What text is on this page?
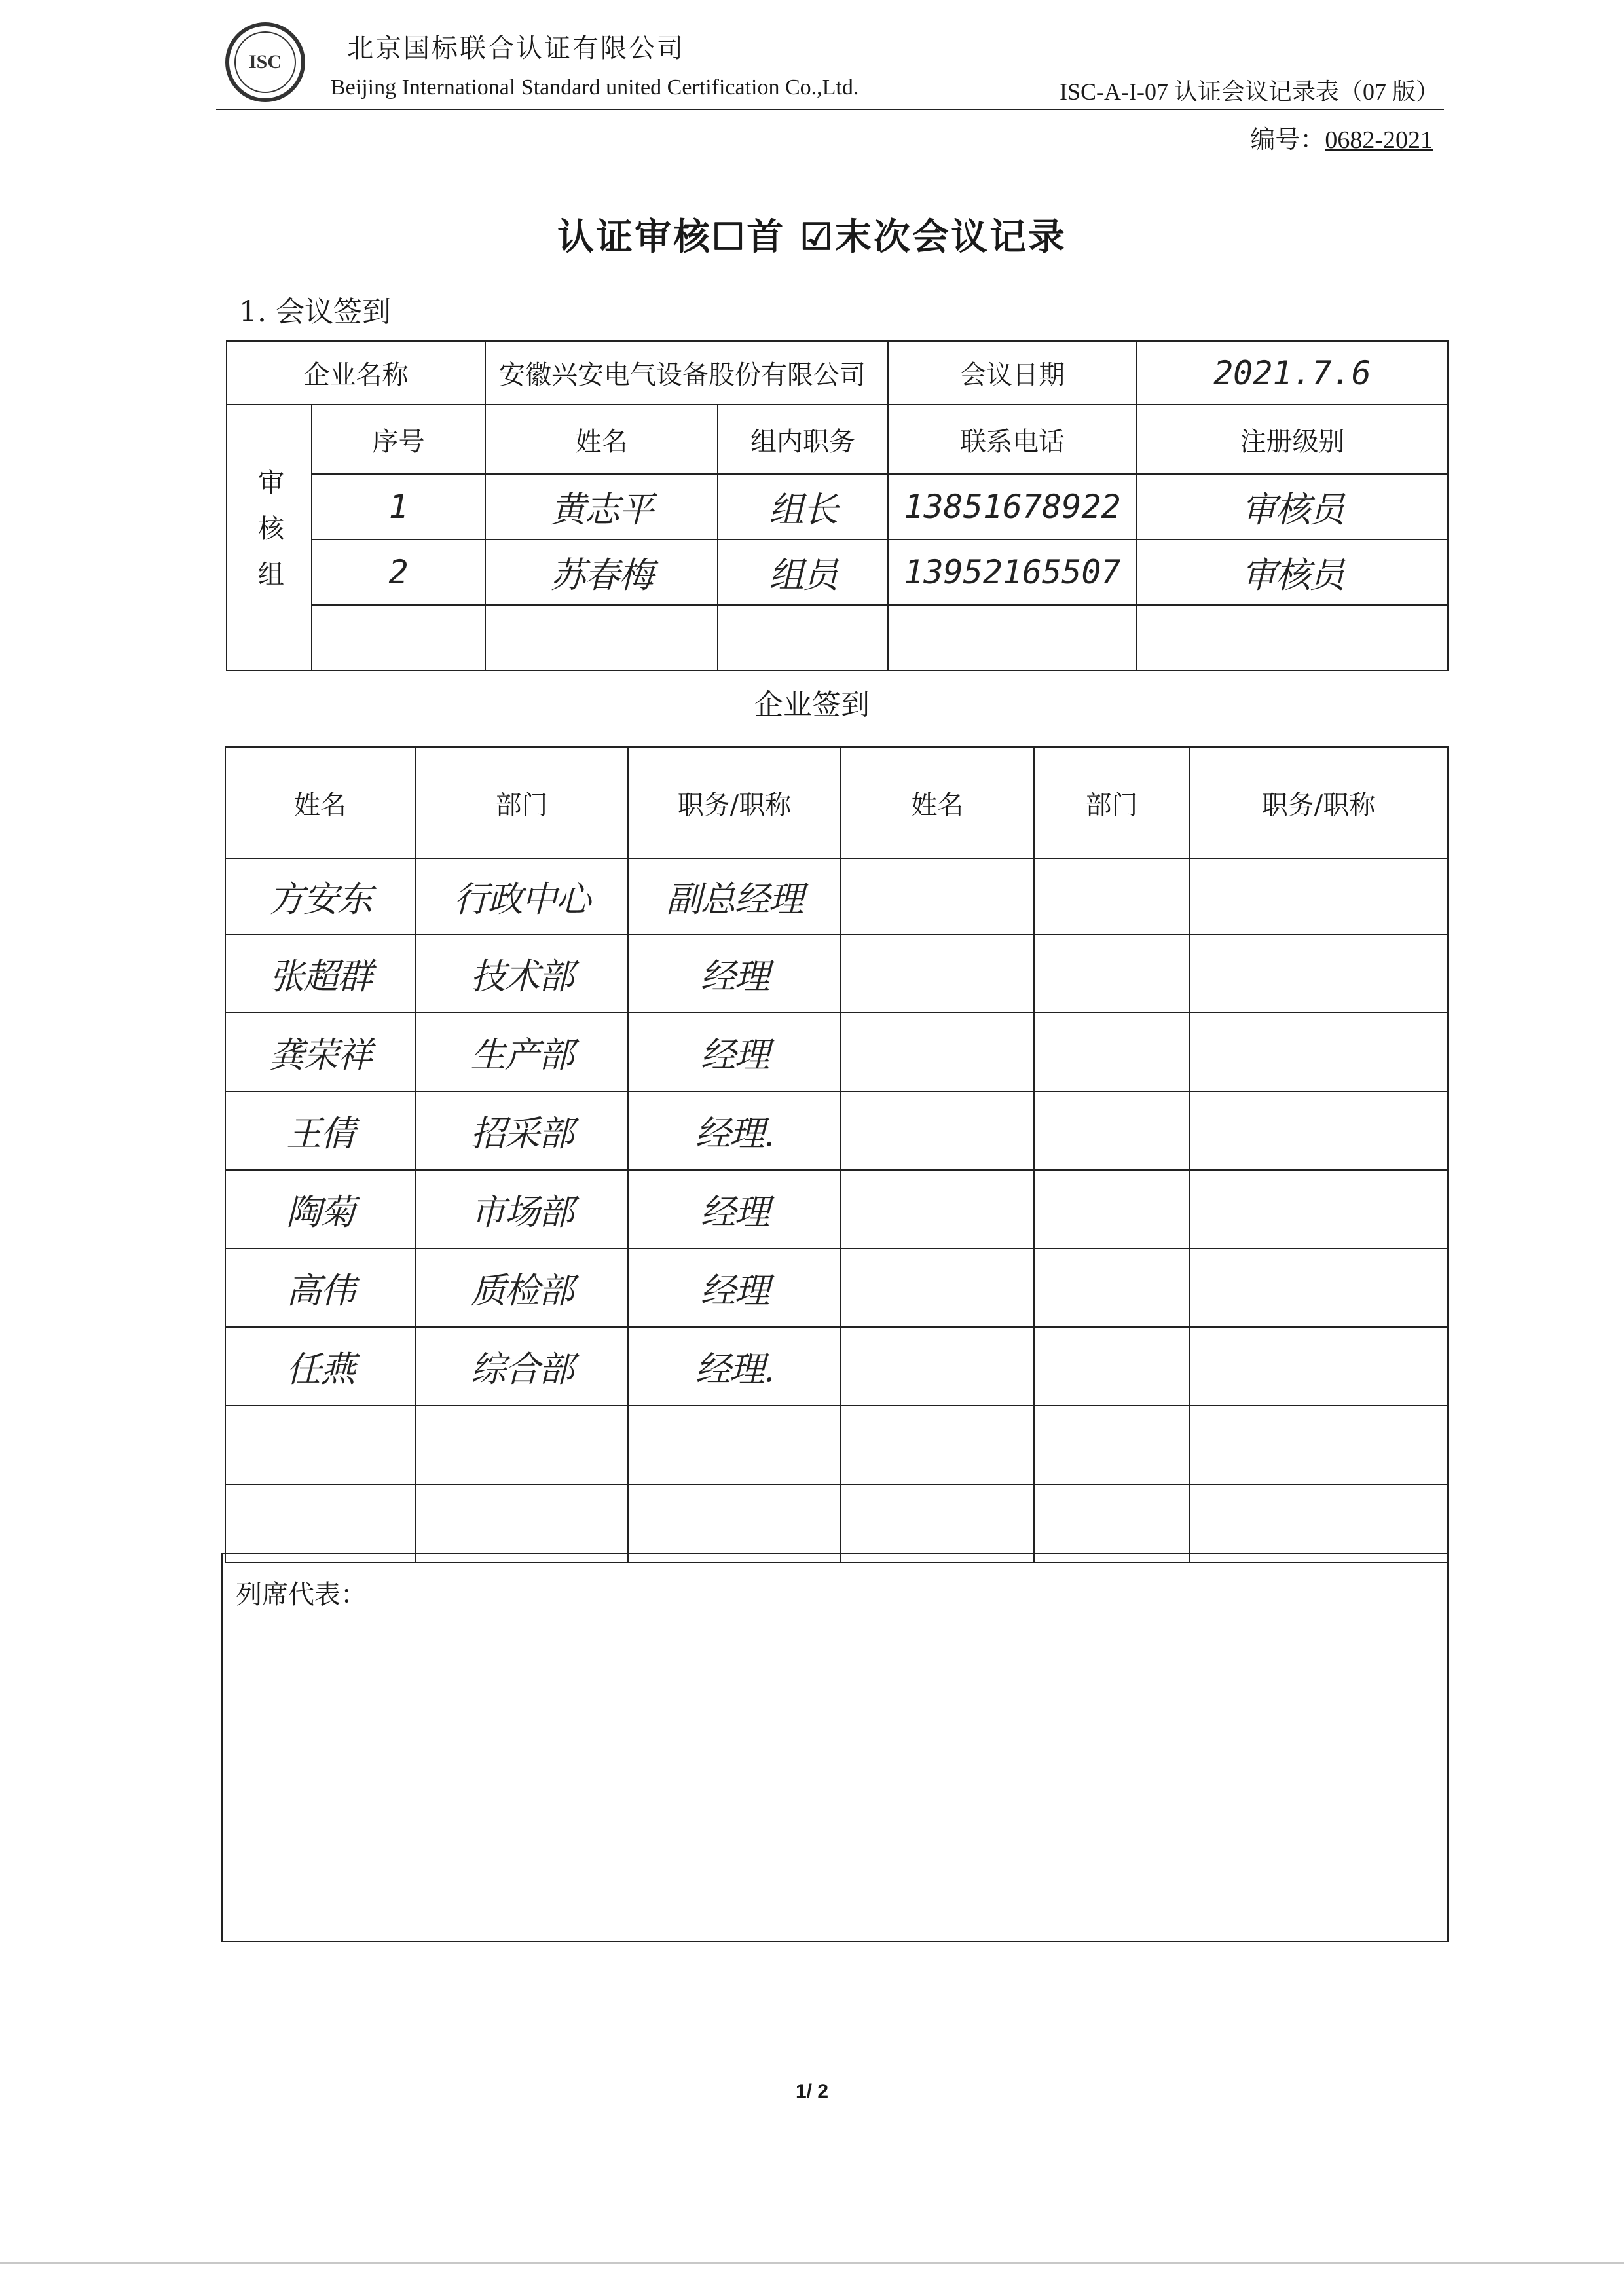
ISC 北京国标联合认证有限公司
Beijing International Standard united Certification Co.,Ltd.	ISC-A-I-07 认证会议记录表（07 版）
编号：0682-2021
认证审核☐首 ☑末次会议记录
1. 会议签到
企业名称		安徽兴安电气设备股份有限公司		会议日期	2021.7.6
审核组	序号	姓名	组内职务	联系电话	注册级别
	1	黄志平	组长	13851678922	审核员
	2	苏春梅	组员	13952165507	审核员

企业签到
姓名	部门	职务/职称	姓名	部门	职务/职称
方安东	行政中心	副总经理			
张超群	技术部	经理			
龚荣祥	生产部	经理			
王倩	招采部	经理.			
陶菊	市场部	经理			
高伟	质检部	经理			
任燕	综合部	经理.			

列席代表：
1/ 2
